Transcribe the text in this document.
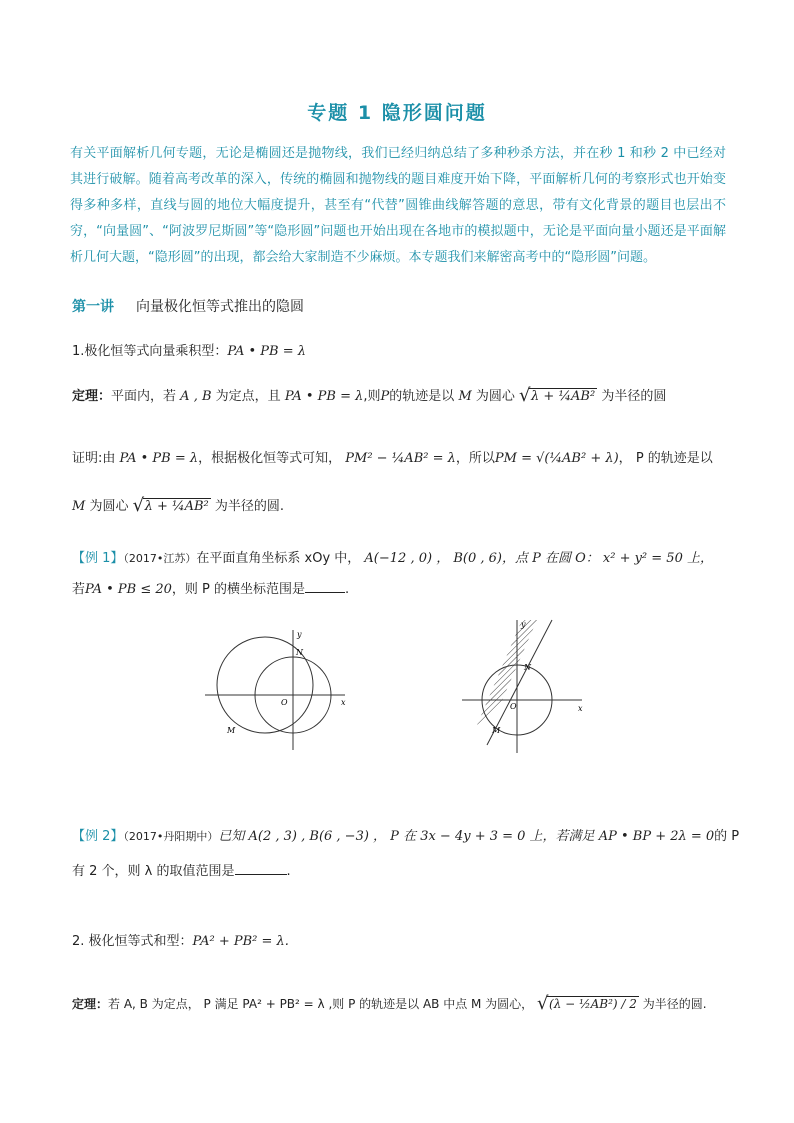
专题 1 隐形圆问题
有关平面解析几何专题，无论是椭圆还是抛物线，我们已经归纳总结了多种秒杀方法，并在秒 1 和秒 2 中已经对其进行破解。随着高考改革的深入，传统的椭圆和抛物线的题目难度开始下降，平面解析几何的考察形式也开始变得多种多样，直线与圆的地位大幅度提升，甚至有“代替”圆锥曲线解答题的意思，带有文化背景的题目也层出不穷，“向量圆”、“阿波罗尼斯圆”等“隐形圆”问题也开始出现在各地市的模拟题中，无论是平面向量小题还是平面解析几何大题，“隐形圆”的出现，都会给大家制造不少麻烦。本专题我们来解密高考中的“隐形圆”问题。
第一讲 向量极化恒等式推出的隐圆
1.极化恒等式向量乘积型：PA • PB = λ
定理：平面内，若 A , B 为定点，且 PA • PB = λ,则P的轨迹是以 M 为圆心 √ λ + ¼AB² 为半径的圆
证明:由 PA • PB = λ，根据极化恒等式可知， PM² − ¼AB² = λ，所以PM = √(¼AB² + λ)， P 的轨迹是以
M 为圆心 √ λ + ¼AB² 为半径的圆.
【例 1】（2017•江苏）在平面直角坐标系 xOy 中， A(−12 , 0) ， B(0 , 6)，点 P 在圆 O： x² + y² = 50 上，
若PA • PB ≤ 20，则 P 的横坐标范围是	.
y
x
O
N
M
y
x
O
N
M
【例 2】（2017•丹阳期中）已知 A(2 , 3) , B(6 , −3) ， P 在 3x − 4y + 3 = 0 上，若满足 AP • BP + 2λ = 0的 P
有 2 个，则 λ 的取值范围是	.
2. 极化恒等式和型：PA² + PB² = λ.
定理：若 A, B 为定点， P 满足 PA² + PB² = λ ,则 P 的轨迹是以 AB 中点 M 为圆心， √ (λ − ½AB²) / 2 为半径的圆.
